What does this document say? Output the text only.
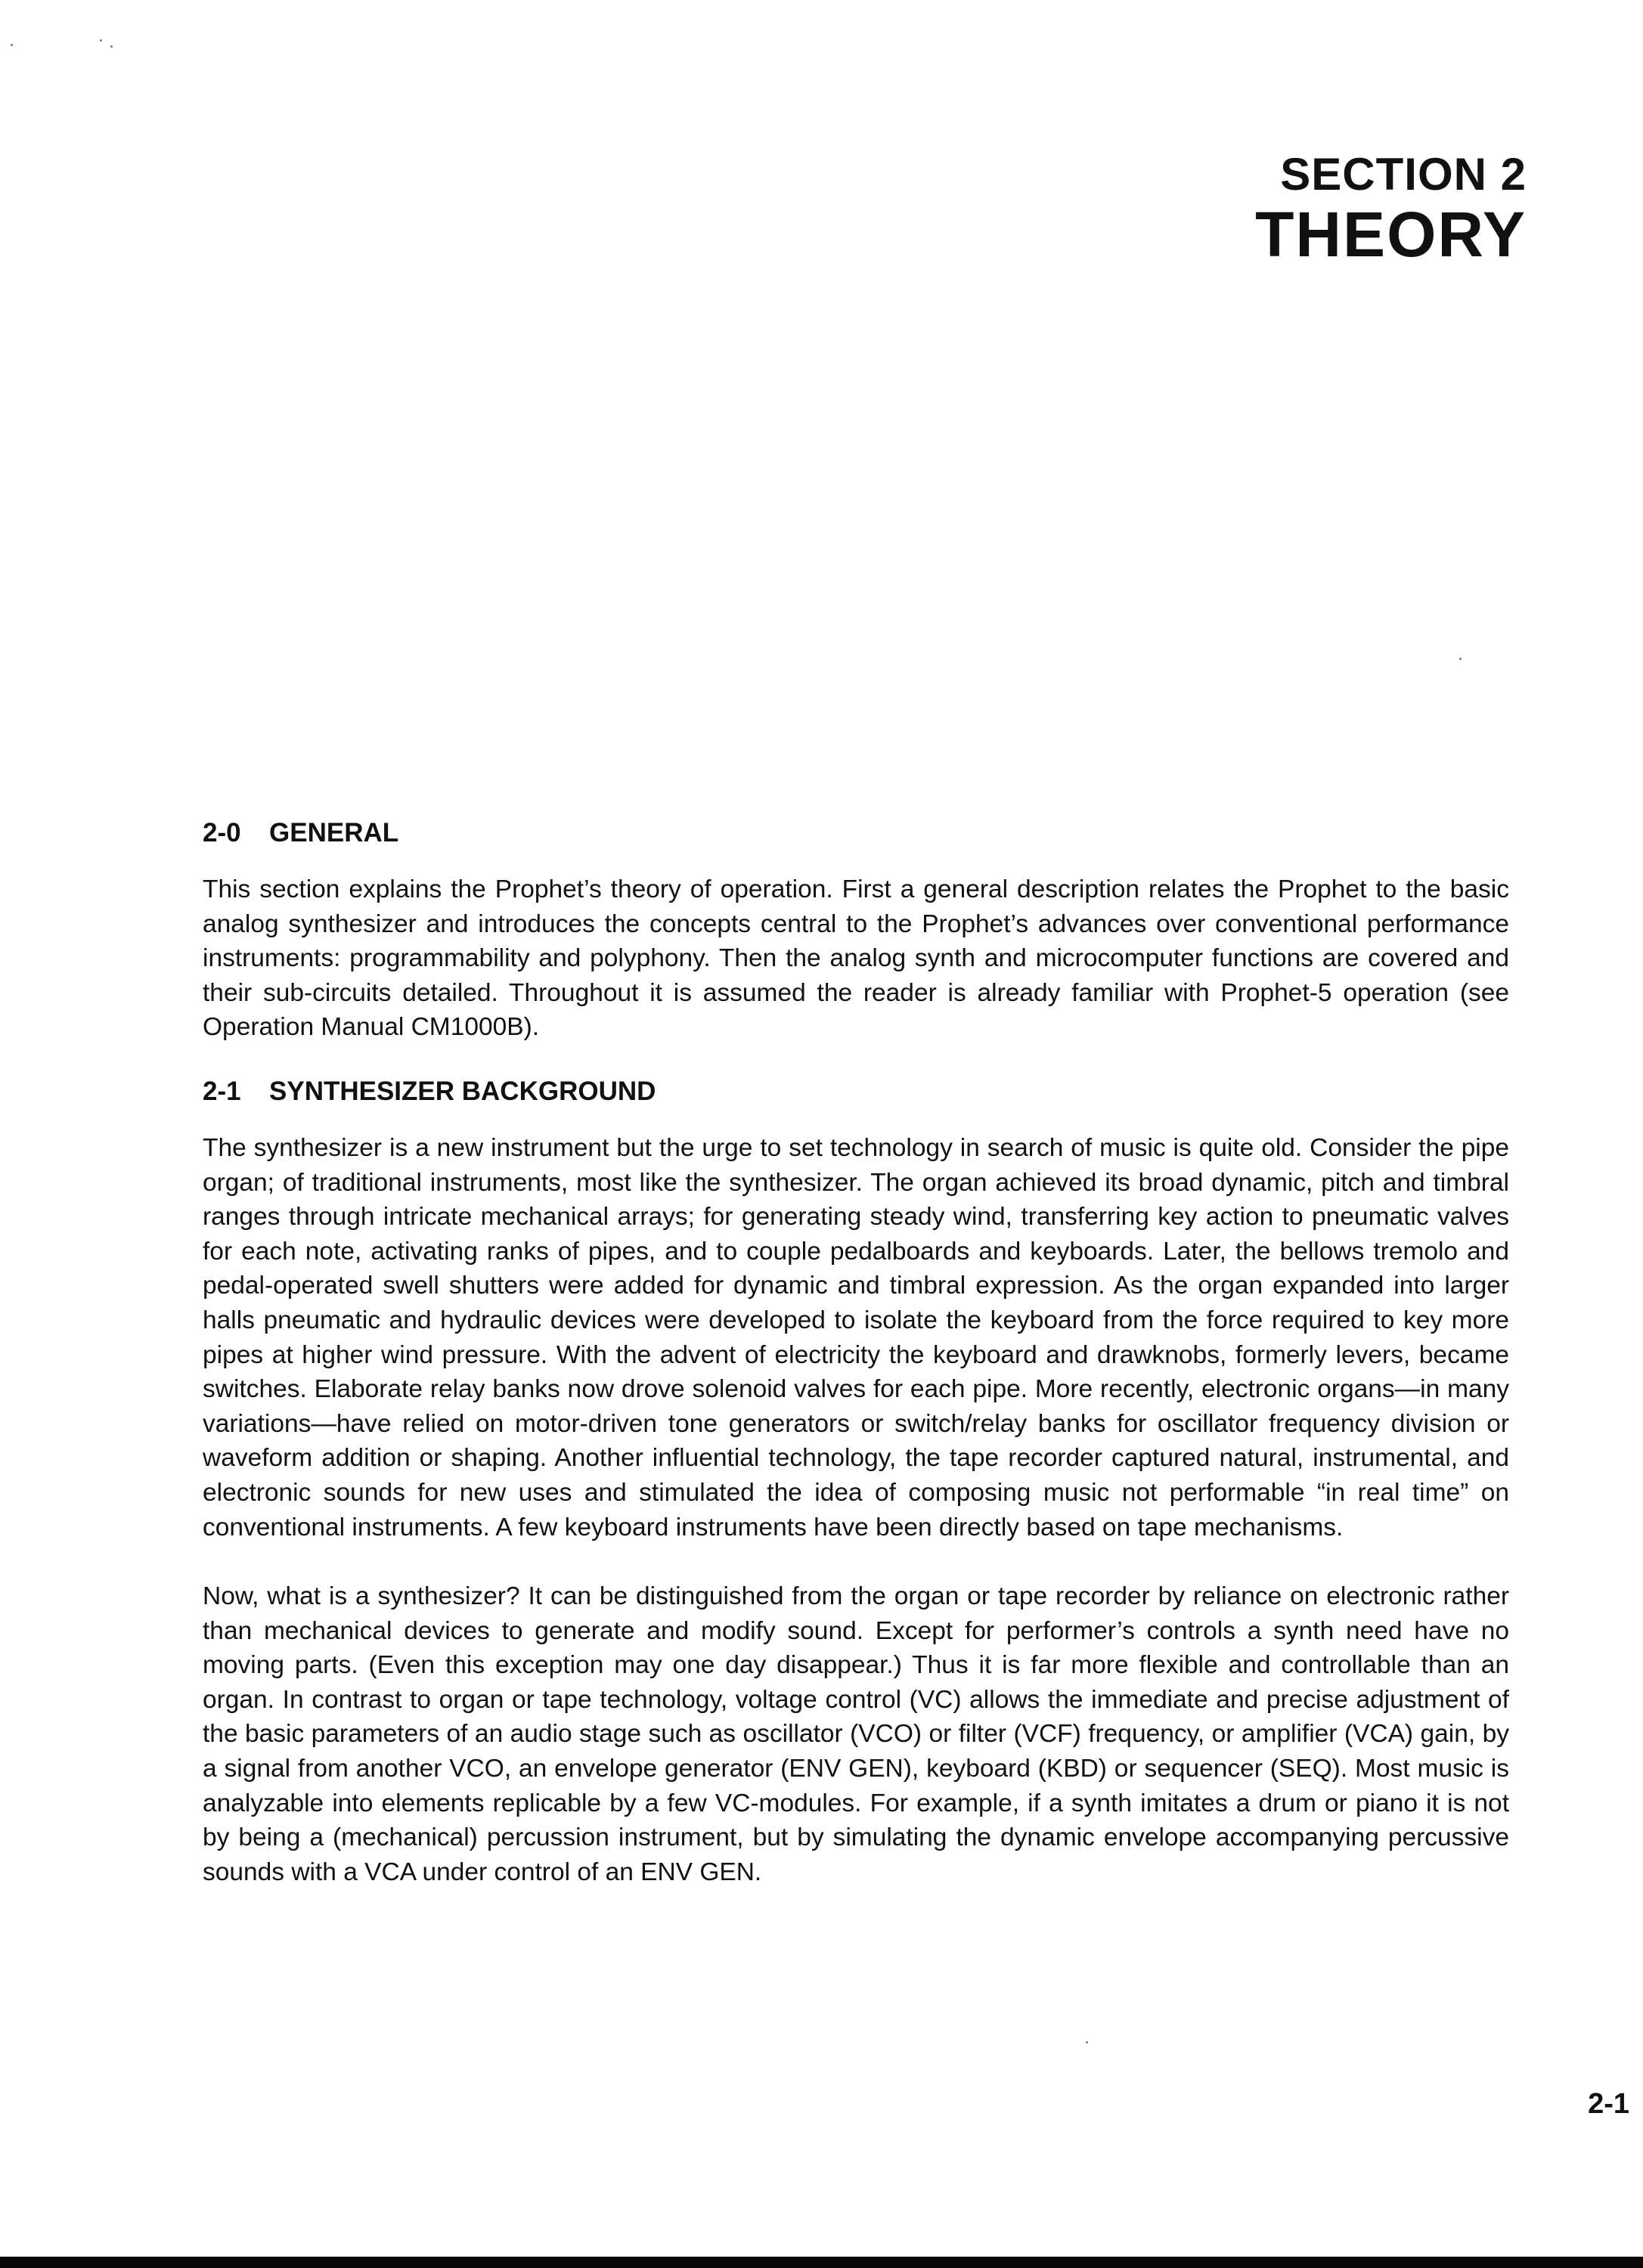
SECTION 2
THEORY
2-0 GENERAL

This section explains the Prophet’s theory of operation. First a general description relates the Prophet to the basic analog synthesizer and introduces the concepts central to the Prophet’s advances over conventional performance instruments: programmability and polyphony. Then the analog synth and microcomputer functions are covered and their sub-circuits detailed. Throughout it is assumed the reader is already familiar with Prophet-5 operation (see Operation Manual CM1000B).

2-1 SYNTHESIZER BACKGROUND

The synthesizer is a new instrument but the urge to set technology in search of music is quite old. Consider the pipe organ; of traditional instruments, most like the synthesizer. The organ achieved its broad dynamic, pitch and timbral ranges through intricate mechanical arrays; for generating steady wind, transferring key action to pneumatic valves for each note, activating ranks of pipes, and to couple pedalboards and keyboards. Later, the bellows tremolo and pedal-operated swell shutters were added for dynamic and timbral expression. As the organ expanded into larger halls pneumatic and hydraulic devices were developed to isolate the keyboard from the force required to key more pipes at higher wind pressure. With the advent of electricity the keyboard and drawknobs, formerly levers, became switches. Elaborate relay banks now drove solenoid valves for each pipe. More recently, electronic organs—in many variations—have relied on motor-driven tone generators or switch/relay banks for oscillator frequency division or waveform addition or shaping. Another influential technology, the tape recorder captured natural, instrumental, and electronic sounds for new uses and stimulated the idea of composing music not performable “in real time” on conventional instruments. A few keyboard instruments have been directly based on tape mechanisms.

Now, what is a synthesizer? It can be distinguished from the organ or tape recorder by reliance on electronic rather than mechanical devices to generate and modify sound. Except for performer’s controls a synth need have no moving parts. (Even this exception may one day disappear.) Thus it is far more flexible and controllable than an organ. In contrast to organ or tape technology, voltage control (VC) allows the immediate and precise adjustment of the basic parameters of an audio stage such as oscillator (VCO) or filter (VCF) frequency, or amplifier (VCA) gain, by a signal from another VCO, an envelope generator (ENV GEN), keyboard (KBD) or sequencer (SEQ). Most music is analyzable into elements replicable by a few VC-modules. For example, if a synth imitates a drum or piano it is not by being a (mechanical) percussion instrument, but by simulating the dynamic envelope accompanying percussive sounds with a VCA under control of an ENV GEN.

2-1
